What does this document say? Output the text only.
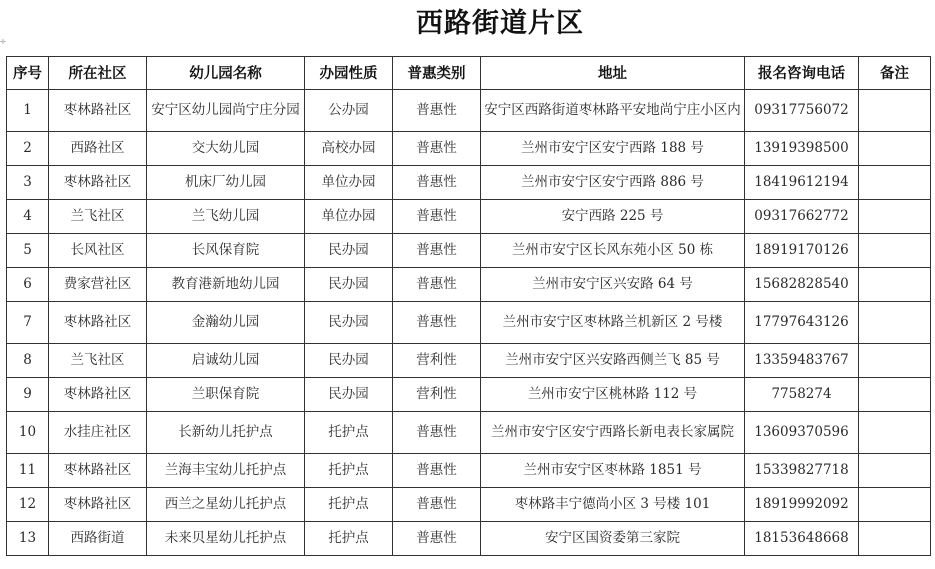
西路街道片区
✛
序号	所在社区	幼儿园名称	办园性质	普惠类别	地址	报名咨询电话	备注
1	枣林路社区	安宁区幼儿园尚宁庄分园	公办园	普惠性	安宁区西路街道枣林路平安地尚宁庄小区内	09317756072	
2	西路社区	交大幼儿园	高校办园	普惠性	兰州市安宁区安宁西路 188 号	13919398500	
3	枣林路社区	机床厂幼儿园	单位办园	普惠性	兰州市安宁区安宁西路 886 号	18419612194	
4	兰飞社区	兰飞幼儿园	单位办园	普惠性	安宁西路 225 号	09317662772	
5	长风社区	长风保育院	民办园	普惠性	兰州市安宁区长风东苑小区 50 栋	18919170126	
6	费家营社区	教育港新地幼儿园	民办园	普惠性	兰州市安宁区兴安路 64 号	15682828540	
7	枣林路社区	金瀚幼儿园	民办园	普惠性	兰州市安宁区枣林路兰机新区 2 号楼	17797643126	
8	兰飞社区	启诚幼儿园	民办园	营利性	兰州市安宁区兴安路西侧兰飞 85 号	13359483767	
9	枣林路社区	兰职保育院	民办园	营利性	兰州市安宁区桃林路 112 号	7758274	
10	水挂庄社区	长新幼儿托护点	托护点	普惠性	兰州市安宁区安宁西路长新电表长家属院	13609370596	
11	枣林路社区	兰海丰宝幼儿托护点	托护点	普惠性	兰州市安宁区枣林路 1851 号	15339827718	
12	枣林路社区	西兰之星幼儿托护点	托护点	普惠性	枣林路丰宁德尚小区 3 号楼 101	18919992092	
13	西路街道	未来贝星幼儿托护点	托护点	普惠性	安宁区国资委第三家院	18153648668	
